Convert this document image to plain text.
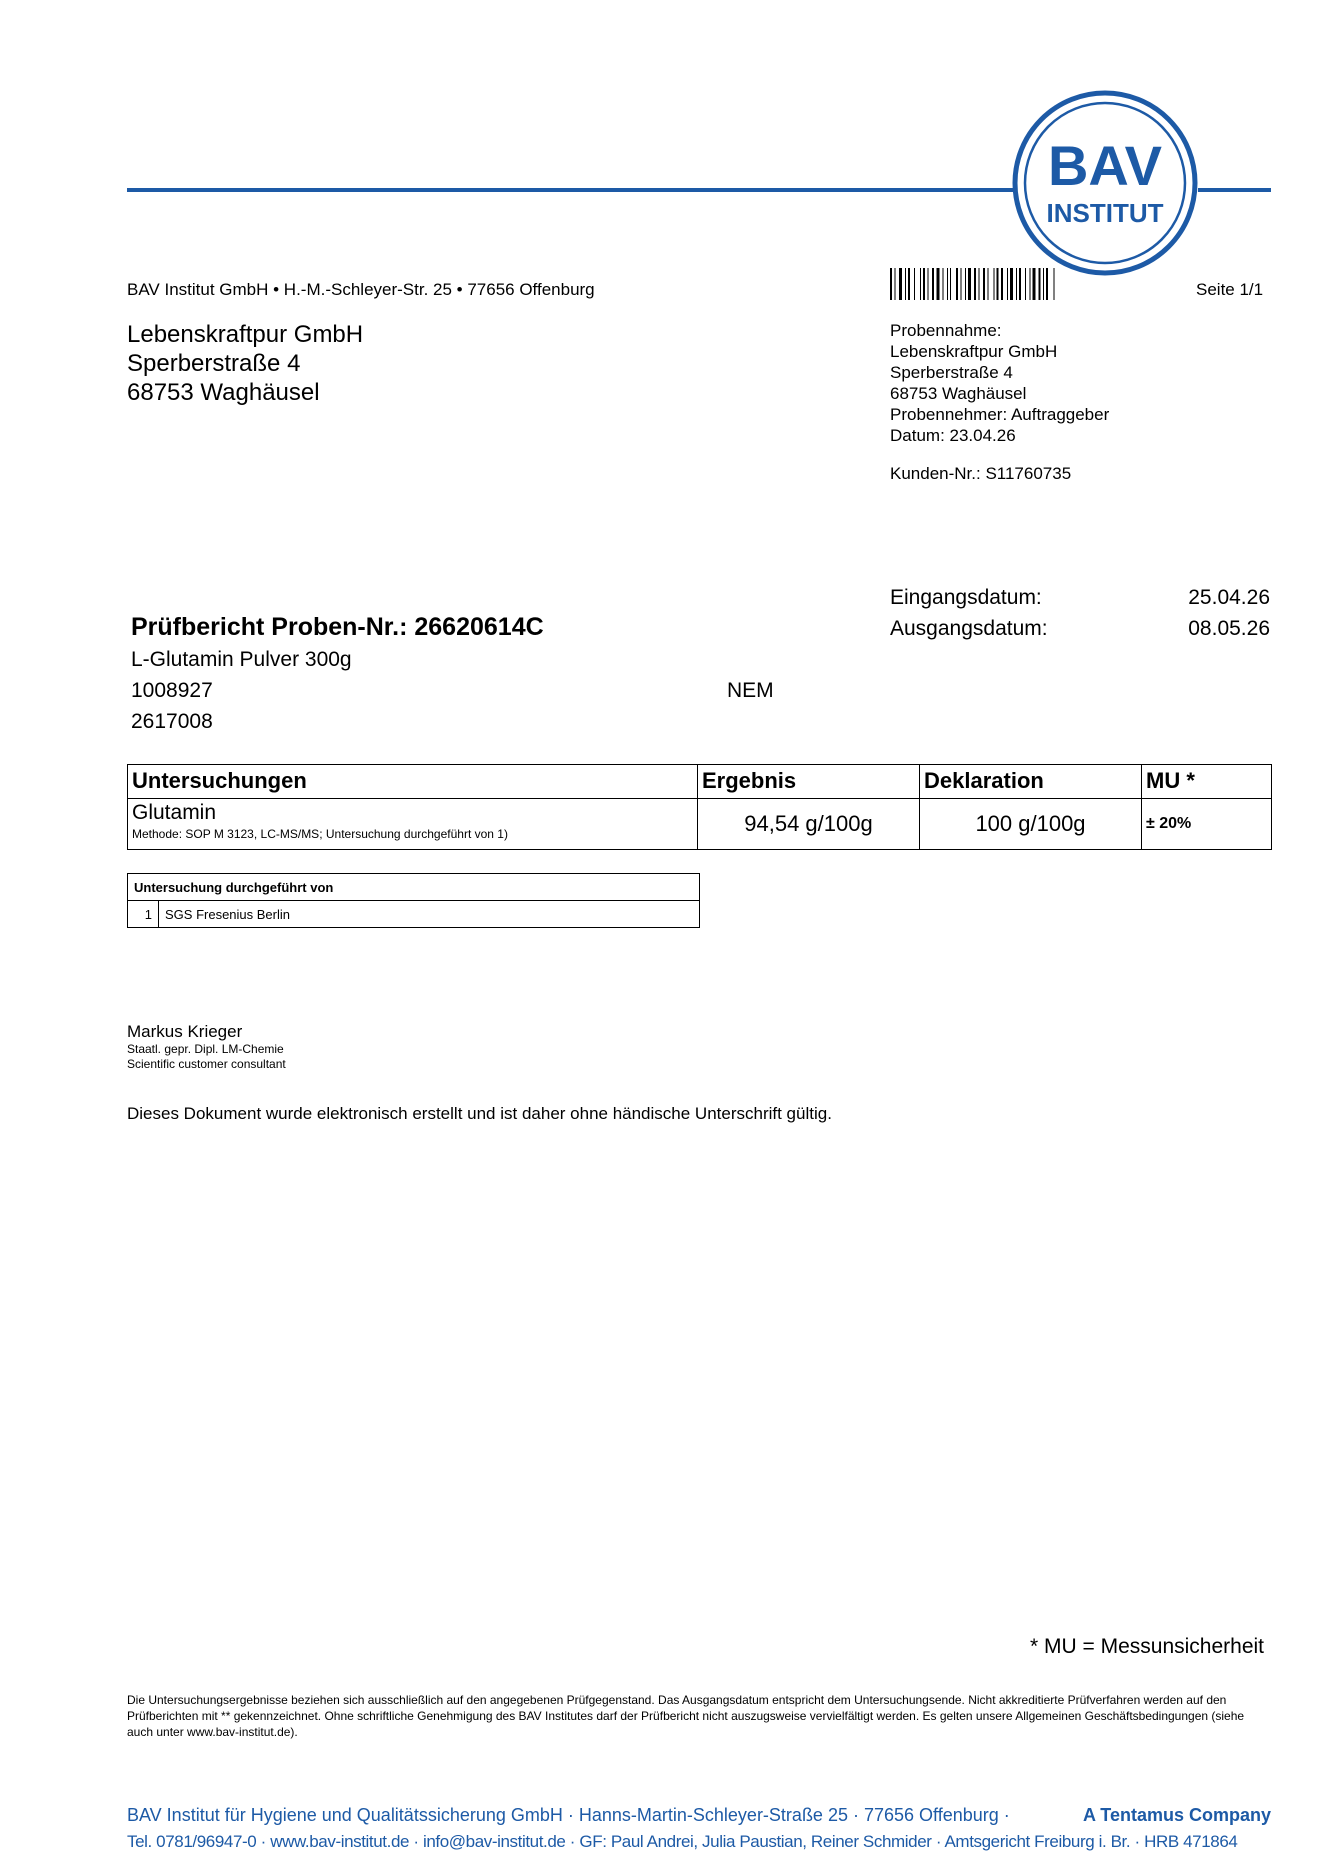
BAV
INSTITUT
BAV Institut GmbH • H.-M.-Schleyer-Str. 25 • 77656 Offenburg	Seite 1/1
Lebenskraftpur GmbH
Sperberstraße 4
68753 Waghäusel
Probennahme:
Lebenskraftpur GmbH
Sperberstraße 4
68753 Waghäusel
Probennehmer: Auftraggeber
Datum: 23.04.26
Kunden-Nr.: S11760735
Eingangsdatum:	25.04.26
Ausgangsdatum:	08.05.26
Prüfbericht Proben-Nr.: 26620614C
L-Glutamin Pulver 300g
1008927	NEM
2617008
Untersuchungen	Ergebnis	Deklaration	MU *
Glutamin
Methode: SOP M 3123, LC-MS/MS; Untersuchung durchgeführt von 1)	94,54 g/100g	100 g/100g	± 20%
Untersuchung durchgeführt von
1	SGS Fresenius Berlin
Markus Krieger
Staatl. gepr. Dipl. LM-Chemie
Scientific customer consultant
Dieses Dokument wurde elektronisch erstellt und ist daher ohne händische Unterschrift gültig.
* MU = Messunsicherheit
Die Untersuchungsergebnisse beziehen sich ausschließlich auf den angegebenen Prüfgegenstand. Das Ausgangsdatum entspricht dem Untersuchungsende. Nicht akkreditierte Prüfverfahren werden auf den Prüfberichten mit ** gekennzeichnet. Ohne schriftliche Genehmigung des BAV Institutes darf der Prüfbericht nicht auszugsweise vervielfältigt werden. Es gelten unsere Allgemeinen Geschäftsbedingungen (siehe auch unter www.bav-institut.de).
BAV Institut für Hygiene und Qualitätssicherung GmbH · Hanns-Martin-Schleyer-Straße 25 · 77656 Offenburg ·	A Tentamus Company
Tel. 0781/96947-0 · www.bav-institut.de · info@bav-institut.de · GF: Paul Andrei, Julia Paustian, Reiner Schmider · Amtsgericht Freiburg i. Br. · HRB 471864
